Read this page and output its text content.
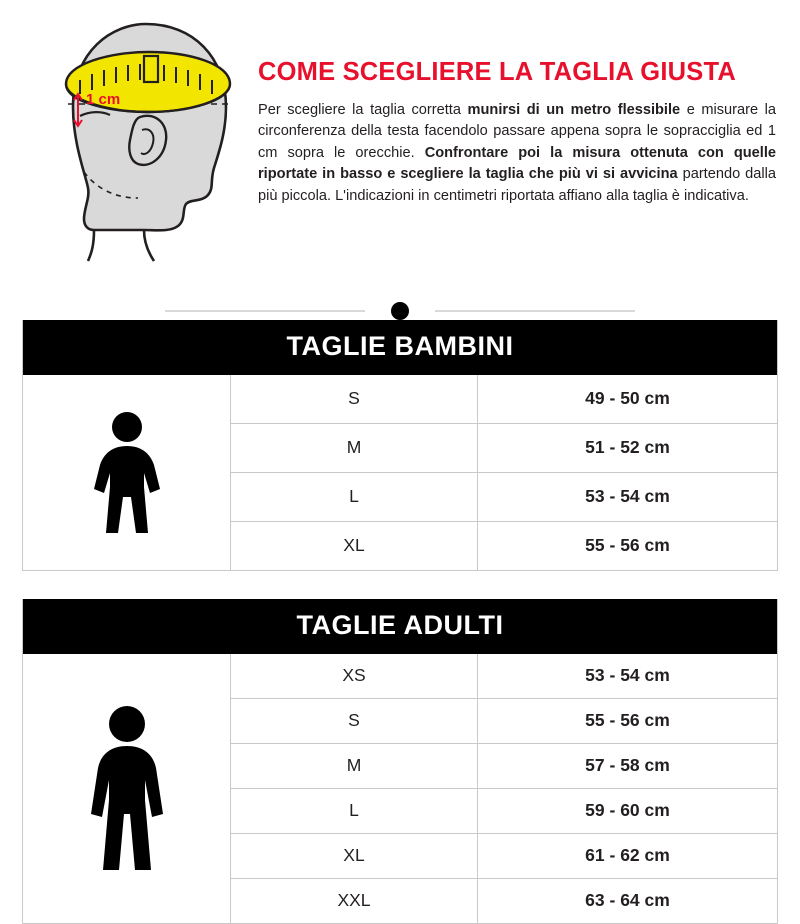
1 cm
COME SCEGLIERE LA TAGLIA GIUSTA

Per scegliere la taglia corretta munirsi di un metro flessibile e misurare la circonferenza della testa facendolo passare appena sopra le sopracciglia ed 1 cm sopra le orecchie. Confrontare poi la misura ottenuta con quelle riportate in basso e scegliere la taglia che più vi si avvicina partendo dalla più piccola. L'indicazioni in centimetri riportata affiano alla taglia è indicativa.

TAGLIE BAMBINI
S	49 - 50 cm
M	51 - 52 cm
L	53 - 54 cm
XL	55 - 56 cm
TAGLIE ADULTI
XS	53 - 54 cm
S	55 - 56 cm
M	57 - 58 cm
L	59 - 60 cm
XL	61 - 62 cm
XXL	63 - 64 cm
